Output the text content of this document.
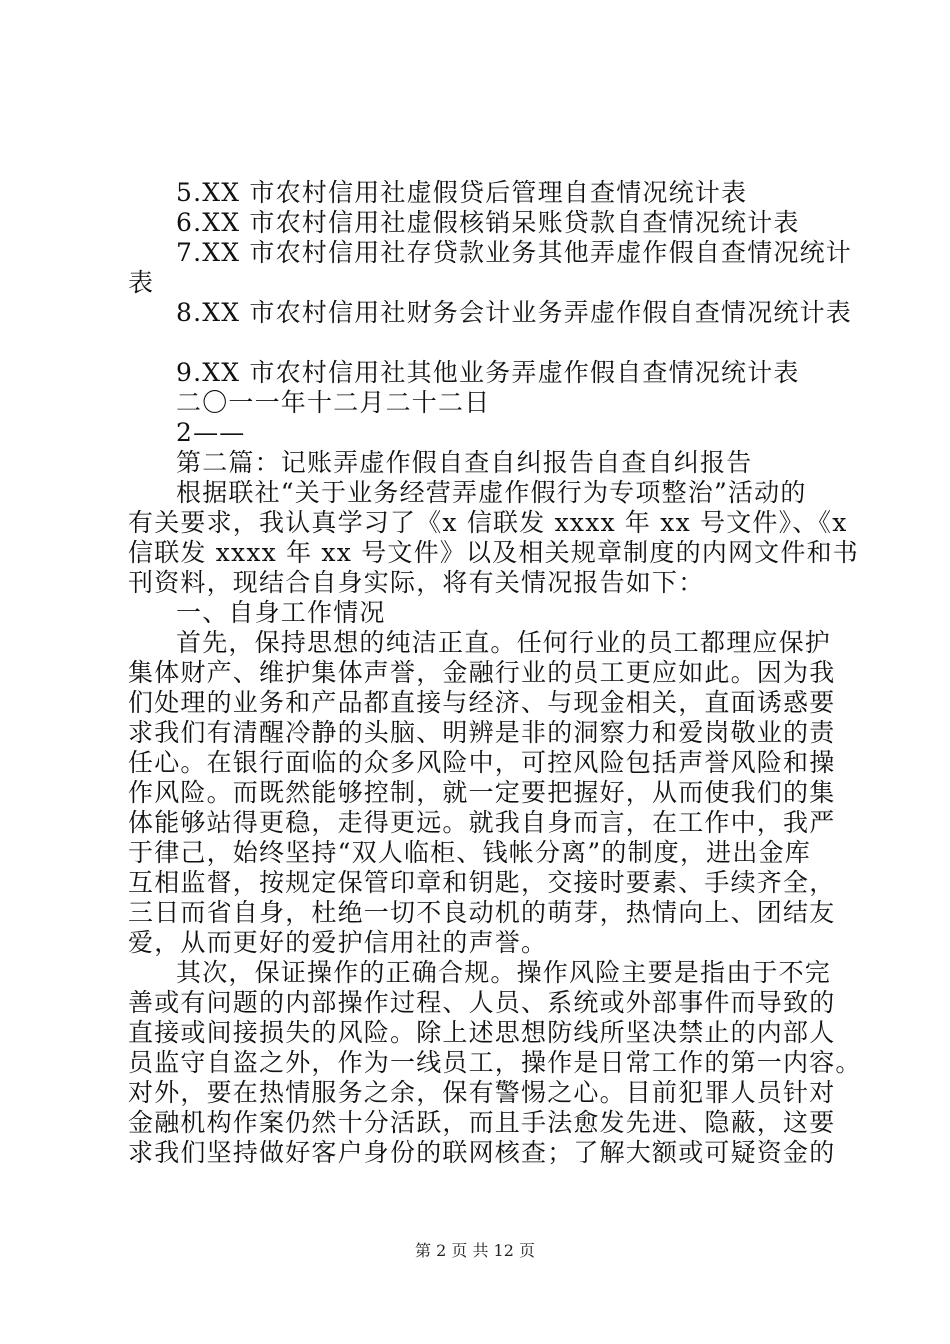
5.XX 市农村信用社虚假贷后管理自查情况统计表
6.XX 市农村信用社虚假核销呆账贷款自查情况统计表
7.XX 市农村信用社存贷款业务其他弄虚作假自查情况统计
表
8.XX 市农村信用社财务会计业务弄虚作假自查情况统计表
9.XX 市农村信用社其他业务弄虚作假自查情况统计表
二〇一一年十二月二十二日
2——
第二篇：记账弄虚作假自查自纠报告自查自纠报告
根据联社“关于业务经营弄虚作假行为专项整治”活动的
有关要求，我认真学习了《x 信联发 xxxx 年 xx 号文件》、《x
信联发 xxxx 年 xx 号文件》以及相关规章制度的内网文件和书
刊资料，现结合自身实际，将有关情况报告如下：
一、自身工作情况
首先，保持思想的纯洁正直。任何行业的员工都理应保护
集体财产、维护集体声誉，金融行业的员工更应如此。因为我
们处理的业务和产品都直接与经济、与现金相关，直面诱惑要
求我们有清醒冷静的头脑、明辨是非的洞察力和爱岗敬业的责
任心。在银行面临的众多风险中，可控风险包括声誉风险和操
作风险。而既然能够控制，就一定要把握好，从而使我们的集
体能够站得更稳，走得更远。就我自身而言，在工作中，我严
于律己，始终坚持“双人临柜、钱帐分离”的制度，进出金库
互相监督，按规定保管印章和钥匙，交接时要素、手续齐全，
三日而省自身，杜绝一切不良动机的萌芽，热情向上、团结友
爱，从而更好的爱护信用社的声誉。
其次，保证操作的正确合规。操作风险主要是指由于不完
善或有问题的内部操作过程、人员、系统或外部事件而导致的
直接或间接损失的风险。除上述思想防线所坚决禁止的内部人
员监守自盗之外，作为一线员工，操作是日常工作的第一内容。
对外，要在热情服务之余，保有警惕之心。目前犯罪人员针对
金融机构作案仍然十分活跃，而且手法愈发先进、隐蔽，这要
求我们坚持做好客户身份的联网核查；了解大额或可疑资金的
第 2 页 共 12 页
